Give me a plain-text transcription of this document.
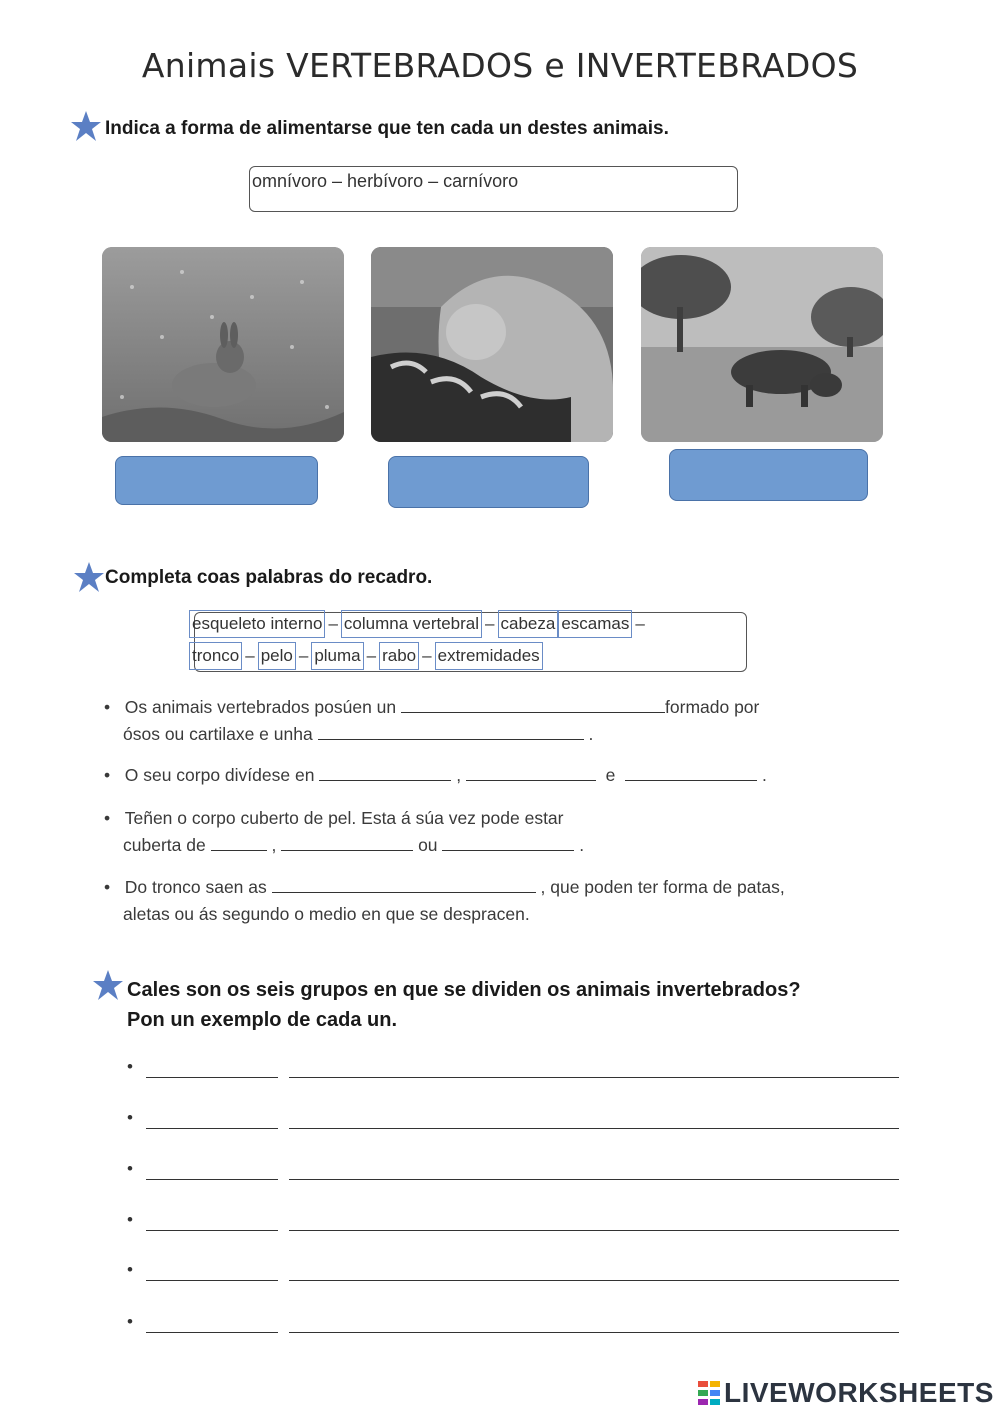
Animais VERTEBRADOS e INVERTEBRADOS
Indica a forma de alimentarse que ten cada un destes animais.
omnívoro – herbívoro – carnívoro
Completa coas palabras do recadro.
esqueleto interno – columna vertebral – cabeza escamas –
tronco – pelo – pluma – rabo – extremidades
• Os animais vertebrados posúen un	formado por
ósos ou cartilaxe e unha	.
• O seu corpo divídese en	,	e	.
• Teñen o corpo cuberto de pel. Esta á súa vez pode estar
cuberta de	,	ou	.
• Do tronco saen as	, que poden ter forma de patas,
aletas ou ás segundo o medio en que se despracen.
Cales son os seis grupos en que se dividen os animais invertebrados?
Pon un exemplo de cada un.
•
•
•
•
•
•
LIVEWORKSHEETS
